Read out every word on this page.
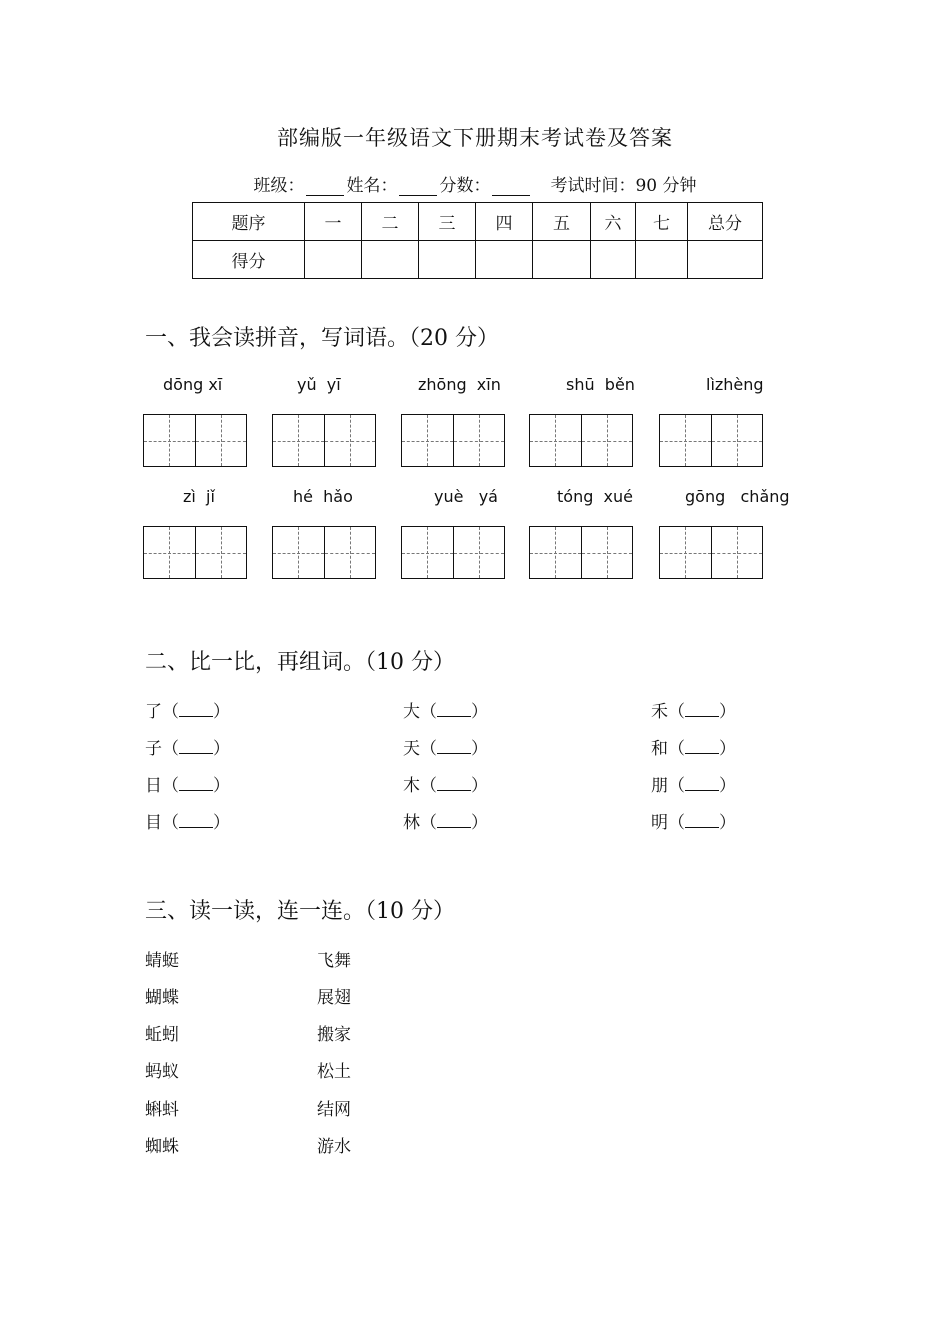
部编版一年级语文下册期末考试卷及答案
班级： 姓名： 分数：	考试时间：90 分钟
题序	一	二	三	四	五	六	七	总分
得分								
一、我会读拼音，写词语。（20 分）
dōng xī	yǔ  yī	zhōng  xīn	shū  běn	lìzhèng
zì  jǐ	hé  hǎo	yuè   yá	tóng  xué	gōng   chǎng
二、比一比，再组词。（10 分）
了（ ）	大（ ）	禾（ ）
子（ ）	天（ ）	和（ ）
日（ ）	木（ ）	朋（ ）
目（ ）	林（ ）	明（ ）
三、读一读，连一连。（10 分）
蜻蜓	飞舞
蝴蝶	展翅
蚯蚓	搬家
蚂蚁	松土
蝌蚪	结网
蜘蛛	游水
